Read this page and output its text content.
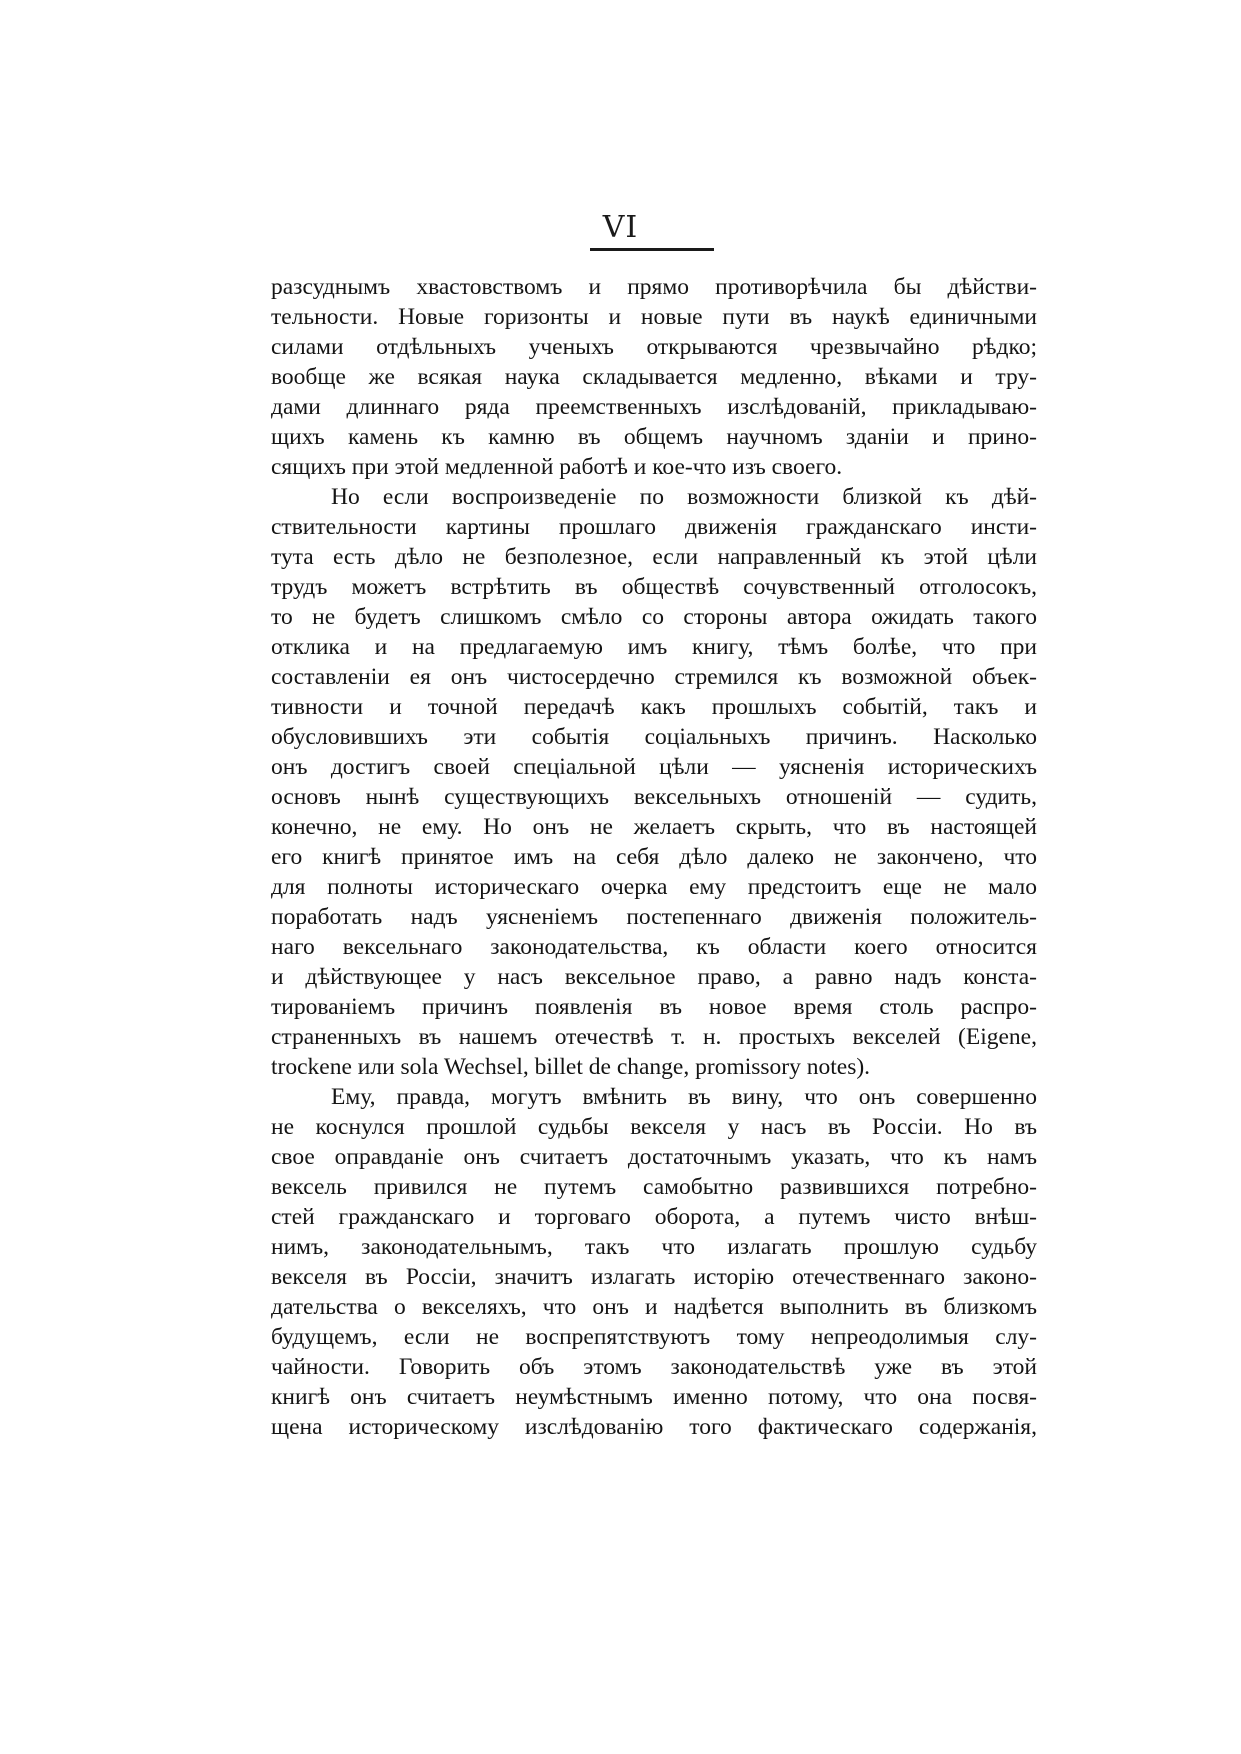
VI
разсуднымъ хвастовствомъ и прямо противорѣчила бы дѣйстви-
тельности. Новые горизонты и новые пути въ наукѣ единичными
силами отдѣльныхъ ученыхъ открываются чрезвычайно рѣдко;
вообще же всякая наука складывается медленно, вѣками и тру-
дами длиннаго ряда преемственныхъ изслѣдованій, прикладываю-
щихъ камень къ камню въ общемъ научномъ зданіи и прино-
сящихъ при этой медленной работѣ и кое-что изъ своего.
Но если воспроизведеніе по возможности близкой къ дѣй-
ствительности картины прошлаго движенія гражданскаго инсти-
тута есть дѣло не безполезное, если направленный къ этой цѣли
трудъ можетъ встрѣтить въ обществѣ сочувственный отголосокъ,
то не будетъ слишкомъ смѣло со стороны автора ожидать такого
отклика и на предлагаемую имъ книгу, тѣмъ болѣе, что при
составленіи ея онъ чистосердечно стремился къ возможной объек-
тивности и точной передачѣ какъ прошлыхъ событій, такъ и
обусловившихъ эти событія соціальныхъ причинъ. Насколько
онъ достигъ своей спеціальной цѣли — уясненія историческихъ
основъ нынѣ существующихъ вексельныхъ отношеній — судить,
конечно, не ему. Но онъ не желаетъ скрыть, что въ настоящей
его книгѣ принятое имъ на себя дѣло далеко не закончено, что
для полноты историческаго очерка ему предстоитъ еще не мало
поработать надъ уясненіемъ постепеннаго движенія положитель-
наго вексельнаго законодательства, къ области коего относится
и дѣйствующее у насъ вексельное право, а равно надъ конста-
тированіемъ причинъ появленія въ новое время столь распро-
страненныхъ въ нашемъ отечествѣ т. н. простыхъ векселей (Eigene,
trockene или sola Wechsel, billet de change, promissory notes).
Ему, правда, могутъ вмѣнить въ вину, что онъ совершенно
не коснулся прошлой судьбы векселя у насъ въ Россіи. Но въ
свое оправданіе онъ считаетъ достаточнымъ указать, что къ намъ
вексель привился не путемъ самобытно развившихся потребно-
стей гражданскаго и торговаго оборота, а путемъ чисто внѣш-
нимъ, законодательнымъ, такъ что излагать прошлую судьбу
векселя въ Россіи, значитъ излагать исторію отечественнаго законо-
дательства о векселяхъ, что онъ и надѣется выполнить въ близкомъ
будущемъ, если не воспрепятствуютъ тому непреодолимыя слу-
чайности. Говорить объ этомъ законодательствѣ уже въ этой
книгѣ онъ считаетъ неумѣстнымъ именно потому, что она посвя-
щена историческому изслѣдованію того фактическаго содержанія,
